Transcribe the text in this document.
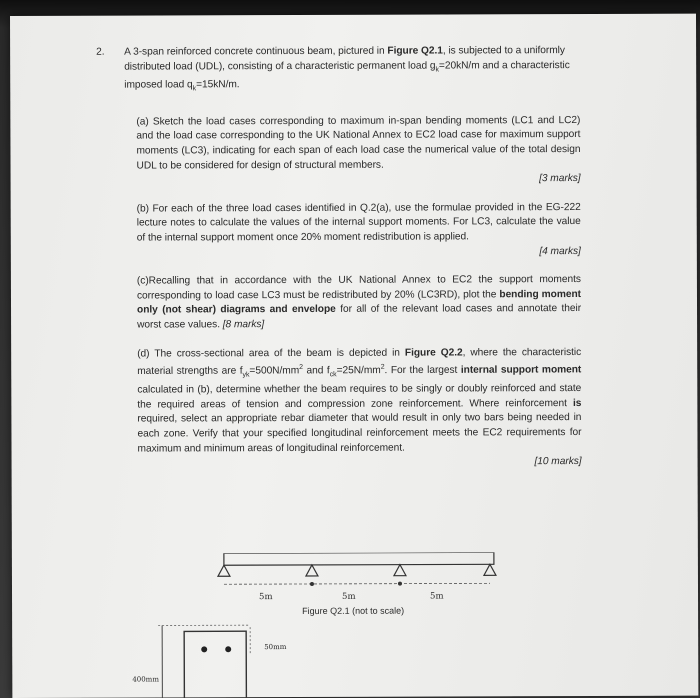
2. A 3-span reinforced concrete continuous beam, pictured in Figure Q2.1, is subjected to a uniformly distributed load (UDL), consisting of a characteristic permanent load $g_k=20kN/m$ and a characteristic imposed load $q_k=15kN/m$.
(a) Sketch the load cases corresponding to maximum in-span bending moments (LC1 and LC2) and the load case corresponding to the UK National Annex to EC2 load case for maximum support moments (LC3), indicating for each span of each load case the numerical value of the total design UDL to be considered for design of structural members.
[3 marks]
(b) For each of the three load cases identified in Q.2(a), use the formulae provided in the EG-222 lecture notes to calculate the values of the internal support moments. For LC3, calculate the value of the internal support moment once 20% moment redistribution is applied.
[4 marks]
(c)Recalling that in accordance with the UK National Annex to EC2 the support moments corresponding to load case LC3 must be redistributed by 20% (LC3RD), plot the bending moment only (not shear) diagrams and envelope for all of the relevant load cases and annotate their worst case values. [8 marks]
(d) The cross-sectional area of the beam is depicted in Figure Q2.2, where the characteristic material strengths are $f_{yk}=500N/mm^2$ and $f_{ck}=25N/mm^2$. For the largest internal support moment calculated in (b), determine whether the beam requires to be singly or doubly reinforced and state the required areas of tension and compression zone reinforcement. Where reinforcement is required, select an appropriate rebar diameter that would result in only two bars being needed in each zone. Verify that your specified longitudinal reinforcement meets the EC2 requirements for maximum and minimum areas of longitudinal reinforcement.
[10 marks]
5m	5m	5m
Figure Q2.1 (not to scale)
50mm
400mm
